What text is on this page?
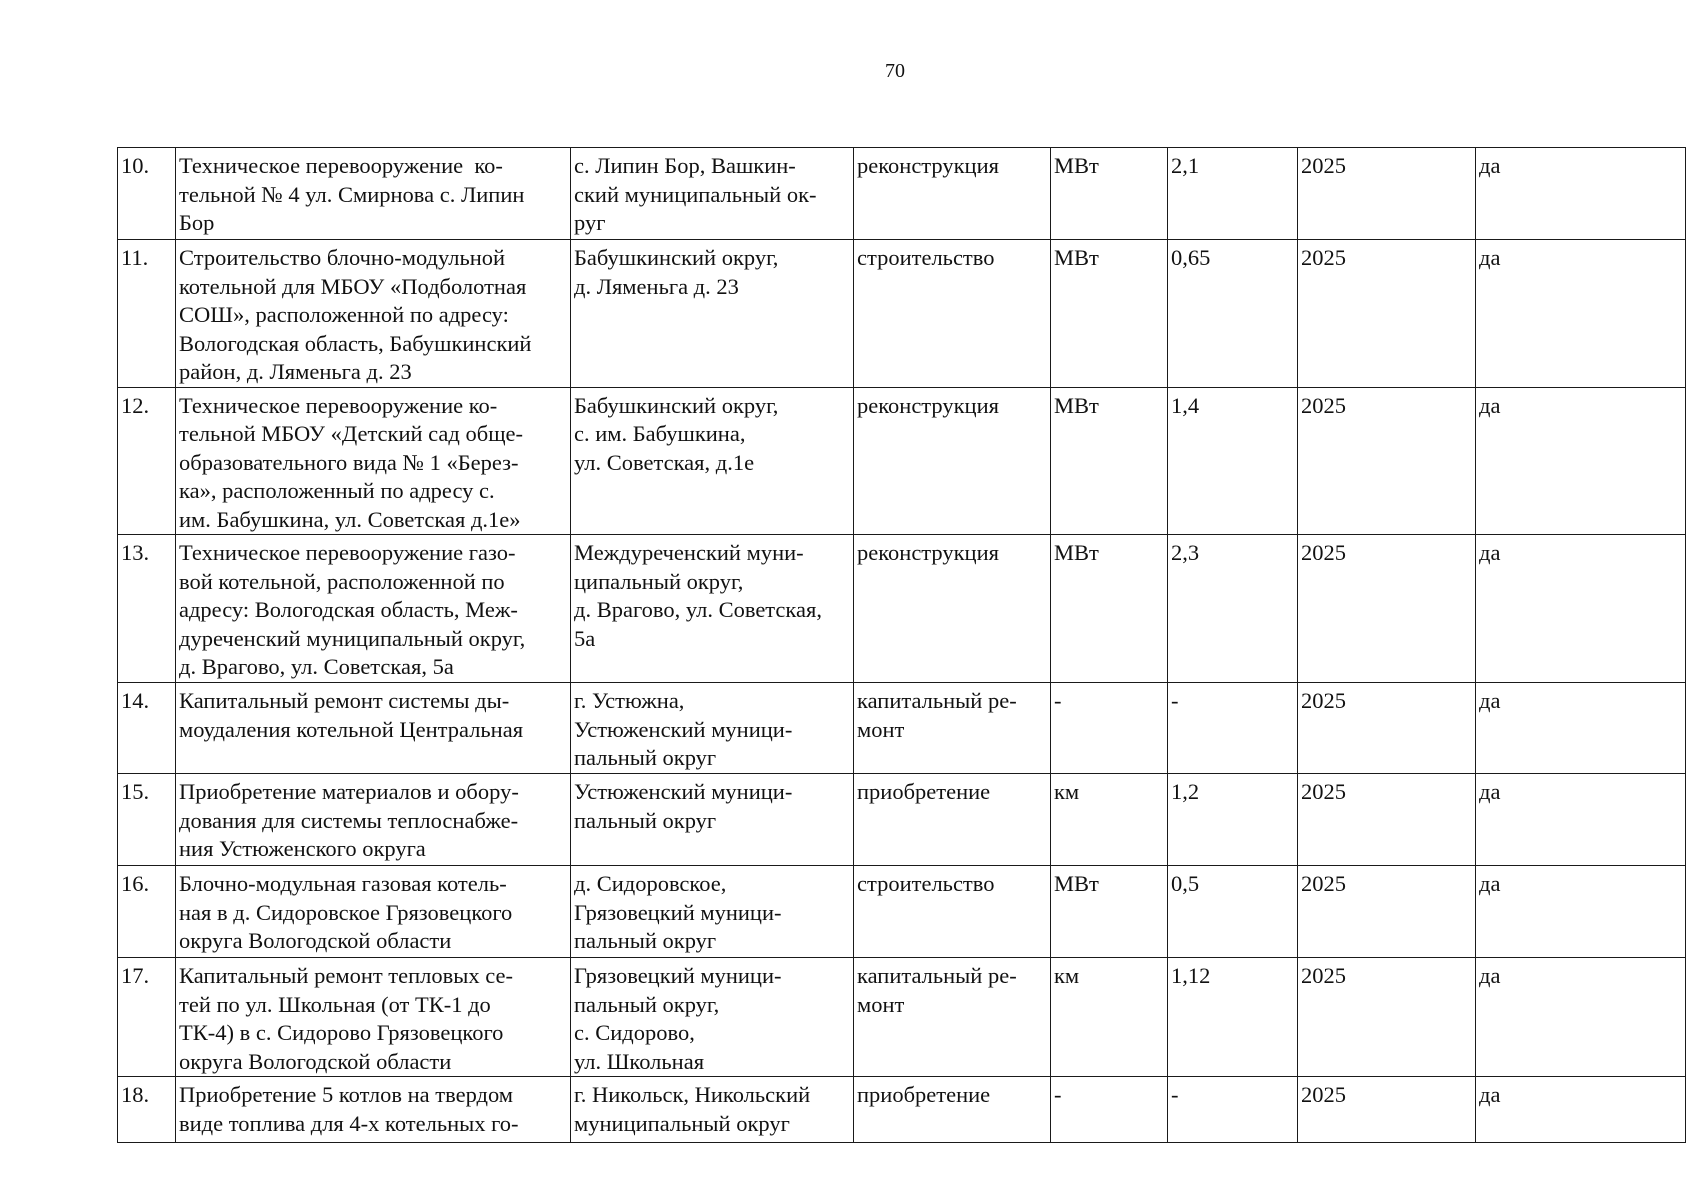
70
10.	Техническое перевооружение  ко-
тельной № 4 ул. Смирнова с. Липин
Бор	с. Липин Бор, Вашкин-
ский муниципальный ок-
руг	реконструкция	МВт	2,1	2025	да
11.	Строительство блочно-модульной
котельной для МБОУ «Подболотная
СОШ», расположенной по адресу:
Вологодская область, Бабушкинский
район, д. Ляменьга д. 23	Бабушкинский округ,
д. Ляменьга д. 23	строительство	МВт	0,65	2025	да
12.	Техническое перевооружение ко-
тельной МБОУ «Детский сад обще-
образовательного вида № 1 «Берез-
ка», расположенный по адресу с.
им. Бабушкина, ул. Советская д.1е»	Бабушкинский округ,
с. им. Бабушкина,
ул. Советская, д.1е	реконструкция	МВт	1,4	2025	да
13.	Техническое перевооружение газо-
вой котельной, расположенной по
адресу: Вологодская область, Меж-
дуреченский муниципальный округ,
д. Врагово, ул. Советская, 5а	Междуреченский муни-
ципальный округ,
д. Врагово, ул. Советская,
5а	реконструкция	МВт	2,3	2025	да
14.	Капитальный ремонт системы ды-
моудаления котельной Центральная	г. Устюжна,
Устюженский муници-
пальный округ	капитальный ре-
монт	-	-	2025	да
15.	Приобретение материалов и обору-
дования для системы теплоснабже-
ния Устюженского округа	Устюженский муници-
пальный округ	приобретение	км	1,2	2025	да
16.	Блочно-модульная газовая котель-
ная в д. Сидоровское Грязовецкого
округа Вологодской области	д. Сидоровское,
Грязовецкий муници-
пальный округ	строительство	МВт	0,5	2025	да
17.	Капитальный ремонт тепловых се-
тей по ул. Школьная (от ТК-1 до
ТК-4) в с. Сидорово Грязовецкого
округа Вологодской области	Грязовецкий муници-
пальный округ,
с. Сидорово,
ул. Школьная	капитальный ре-
монт	км	1,12	2025	да
18.	Приобретение 5 котлов на твердом
виде топлива для 4-х котельных го-	г. Никольск, Никольский
муниципальный округ	приобретение	-	-	2025	да
